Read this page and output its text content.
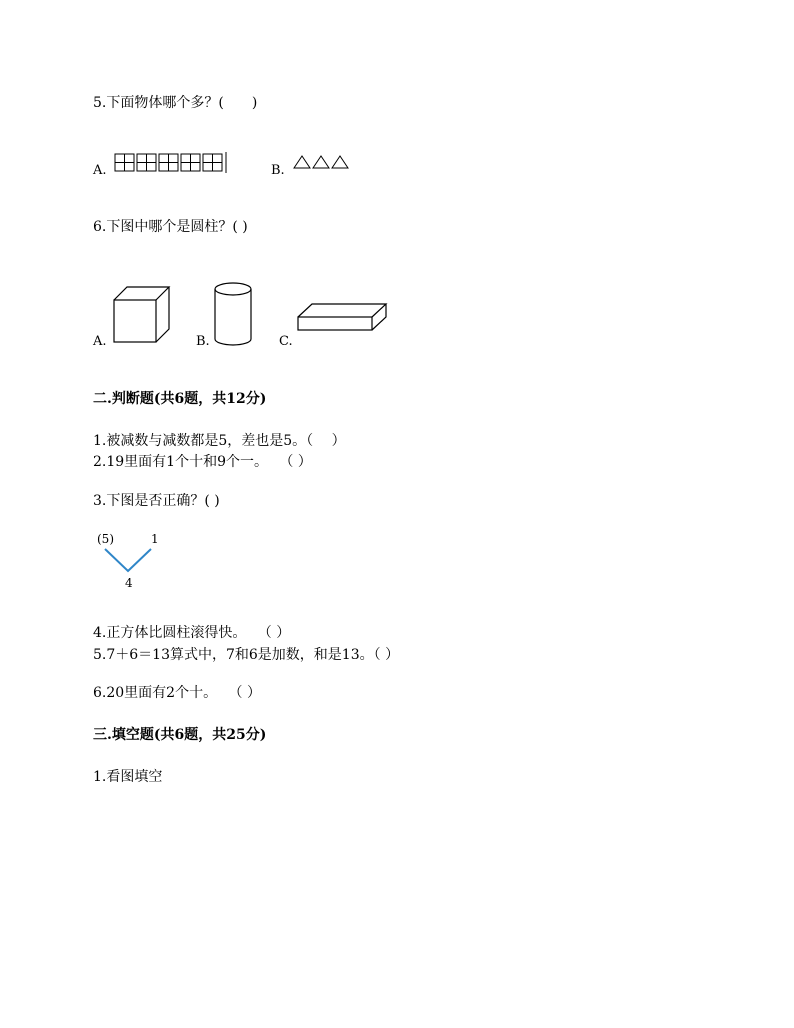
5.下面物体哪个多？(　　)
A.	B.
6.下图中哪个是圆柱？( )
A.	B.	C.
二.判断题(共6题，共12分)
1.被减数与减数都是5，差也是5。（　 ）
2.19里面有1个十和9个一。　 （ ）
3.下图是否正确？( )
(5)	1
4
4.正方体比圆柱滚得快。　 （ ）
5.7＋6＝13算式中，7和6是加数，和是13。（ ）
6.20里面有2个十。　 （ ）
三.填空题(共6题，共25分)
1.看图填空
